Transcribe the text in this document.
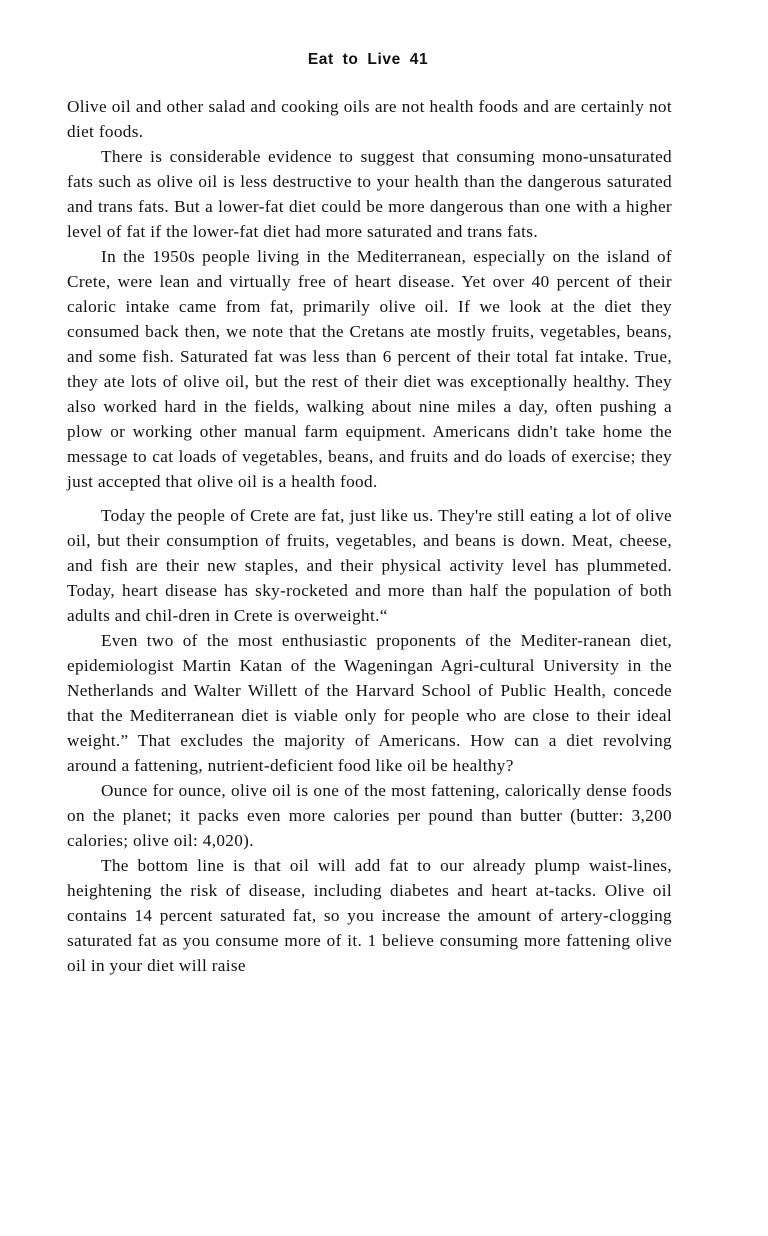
Eat to Live 41

Olive oil and other salad and cooking oils are not health foods and are certainly not diet foods.

There is considerable evidence to suggest that consuming mono-unsaturated fats such as olive oil is less destructive to your health than the dangerous saturated and trans fats. But a lower-fat diet could be more dangerous than one with a higher level of fat if the lower-fat diet had more saturated and trans fats.

In the 1950s people living in the Mediterranean, especially on the island of Crete, were lean and virtually free of heart disease. Yet over 40 percent of their caloric intake came from fat, primarily olive oil. If we look at the diet they consumed back then, we note that the Cretans ate mostly fruits, vegetables, beans, and some fish. Saturated fat was less than 6 percent of their total fat intake. True, they ate lots of olive oil, but the rest of their diet was exceptionally healthy. They also worked hard in the fields, walking about nine miles a day, often pushing a plow or working other manual farm equipment. Americans didn't take home the message to cat loads of vegetables, beans, and fruits and do loads of exercise; they just accepted that olive oil is a health food.

Today the people of Crete are fat, just like us. They're still eating a lot of olive oil, but their consumption of fruits, vegetables, and beans is down. Meat, cheese, and fish are their new staples, and their physical activity level has plummeted. Today, heart disease has sky-rocketed and more than half the population of both adults and chil-dren in Crete is overweight.“

Even two of the most enthusiastic proponents of the Mediter-ranean diet, epidemiologist Martin Katan of the Wageningan Agri-cultural University in the Netherlands and Walter Willett of the Harvard School of Public Health, concede that the Mediterranean diet is viable only for people who are close to their ideal weight.” That excludes the majority of Americans. How can a diet revolving around a fattening, nutrient-deficient food like oil be healthy?

Ounce for ounce, olive oil is one of the most fattening, calorically dense foods on the planet; it packs even more calories per pound than butter (butter: 3,200 calories; olive oil: 4,020).

The bottom line is that oil will add fat to our already plump waist-lines, heightening the risk of disease, including diabetes and heart at-tacks. Olive oil contains 14 percent saturated fat, so you increase the amount of artery-clogging saturated fat as you consume more of it. 1 believe consuming more fattening olive oil in your diet will raise
